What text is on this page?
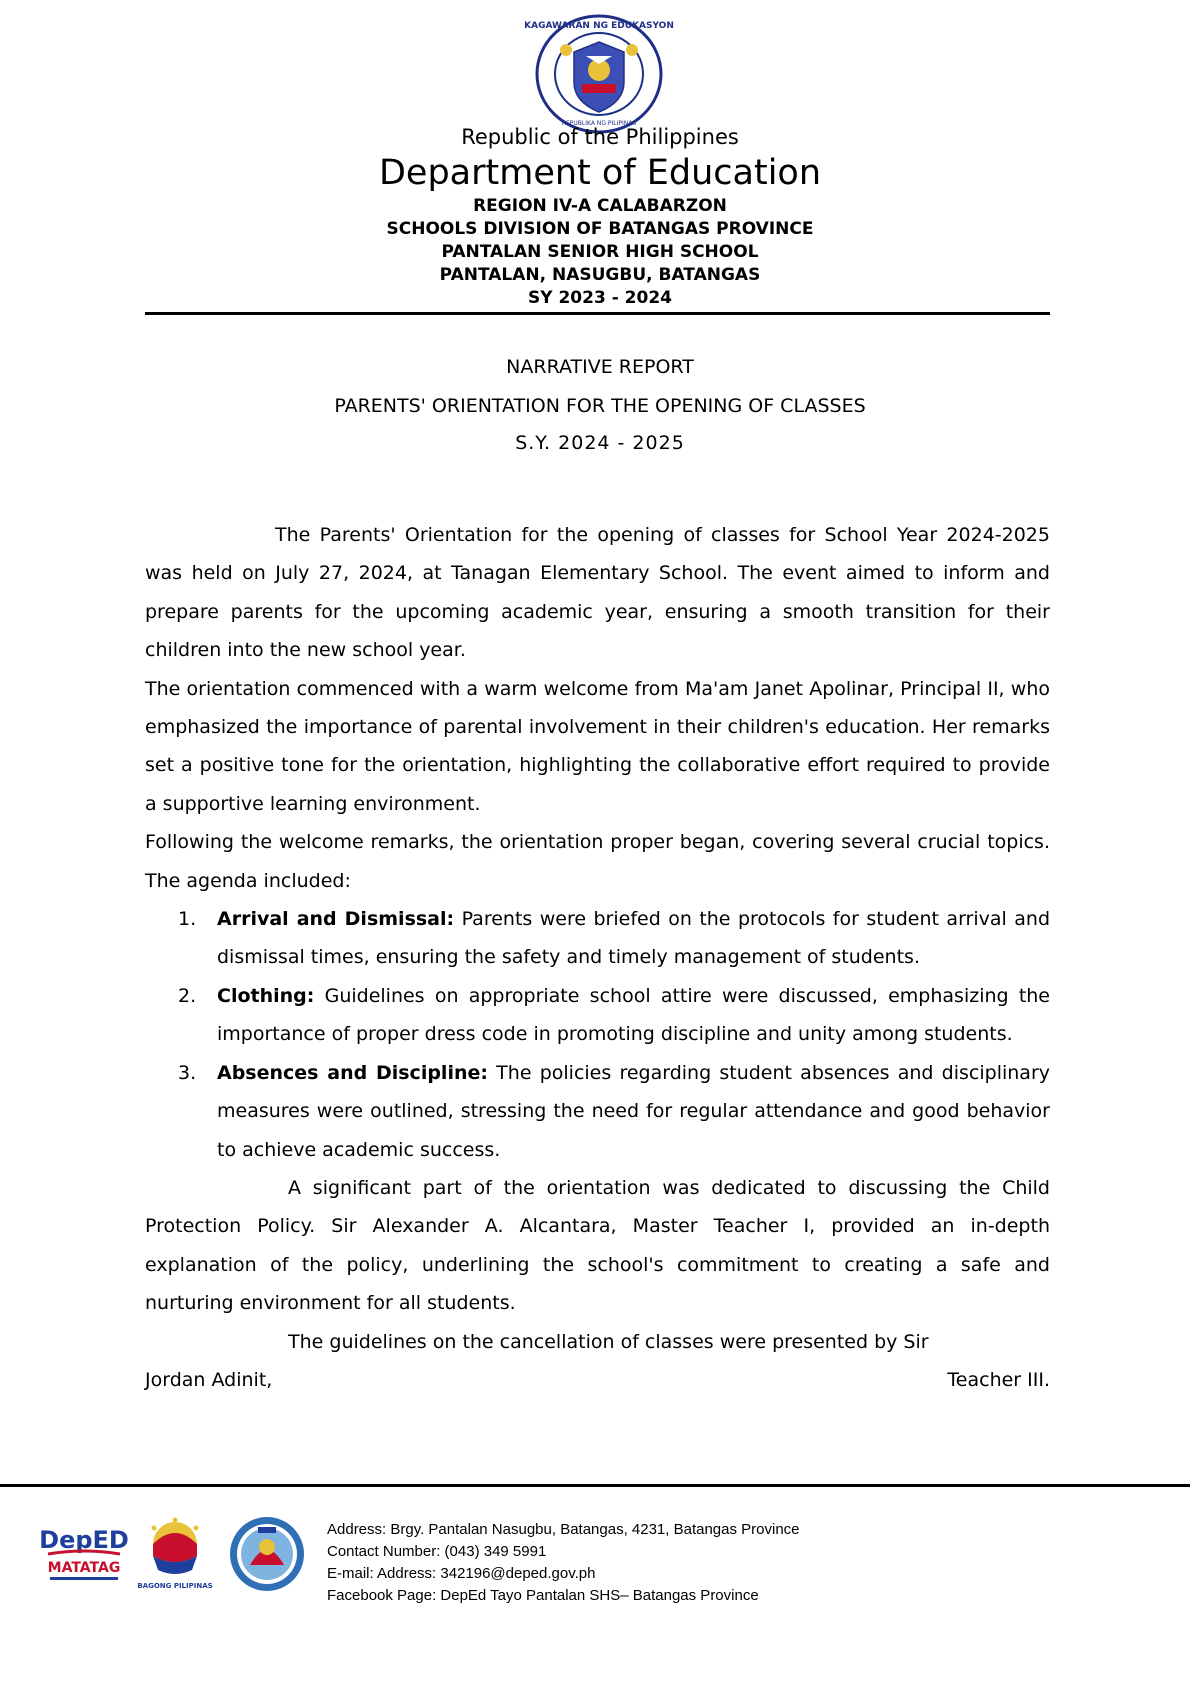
KAGAWARAN NG EDUKASYON
REPUBLIKA NG PILIPINAS
Republic of the Philippines
Department of Education
REGION IV-A CALABARZON
SCHOOLS DIVISION OF BATANGAS PROVINCE
PANTALAN SENIOR HIGH SCHOOL
PANTALAN, NASUGBU, BATANGAS
SY 2023 - 2024
NARRATIVE REPORT
PARENTS' ORIENTATION FOR THE OPENING OF CLASSES
S.Y. 2024 - 2025

The Parents' Orientation for the opening of classes for School Year 2024-2025 was held on July 27, 2024, at Tanagan Elementary School. The event aimed to inform and prepare parents for the upcoming academic year, ensuring a smooth transition for their children into the new school year.

The orientation commenced with a warm welcome from Ma'am Janet Apolinar, Principal II, who emphasized the importance of parental involvement in their children's education. Her remarks set a positive tone for the orientation, highlighting the collaborative effort required to provide a supportive learning environment.

Following the welcome remarks, the orientation proper began, covering several crucial topics. The agenda included:

1. Arrival and Dismissal: Parents were briefed on the protocols for student arrival and dismissal times, ensuring the safety and timely management of students.
2. Clothing: Guidelines on appropriate school attire were discussed, emphasizing the importance of proper dress code in promoting discipline and unity among students.
3. Absences and Discipline: The policies regarding student absences and disciplinary measures were outlined, stressing the need for regular attendance and good behavior to achieve academic success.

A significant part of the orientation was dedicated to discussing the Child Protection Policy. Sir Alexander A. Alcantara, Master Teacher I, provided an in-depth explanation of the policy, underlining the school's commitment to creating a safe and nurturing environment for all students.

The guidelines on the cancellation of classes were presented by Sir

Jordan Adinit,	Teacher III.
DepED
MATATAG
BAGONG PILIPINAS
Address: Brgy. Pantalan Nasugbu, Batangas, 4231, Batangas Province
Contact Number: (043) 349 5991
E-mail: Address: 342196@deped.gov.ph
Facebook Page: DepEd Tayo Pantalan SHS– Batangas Province
